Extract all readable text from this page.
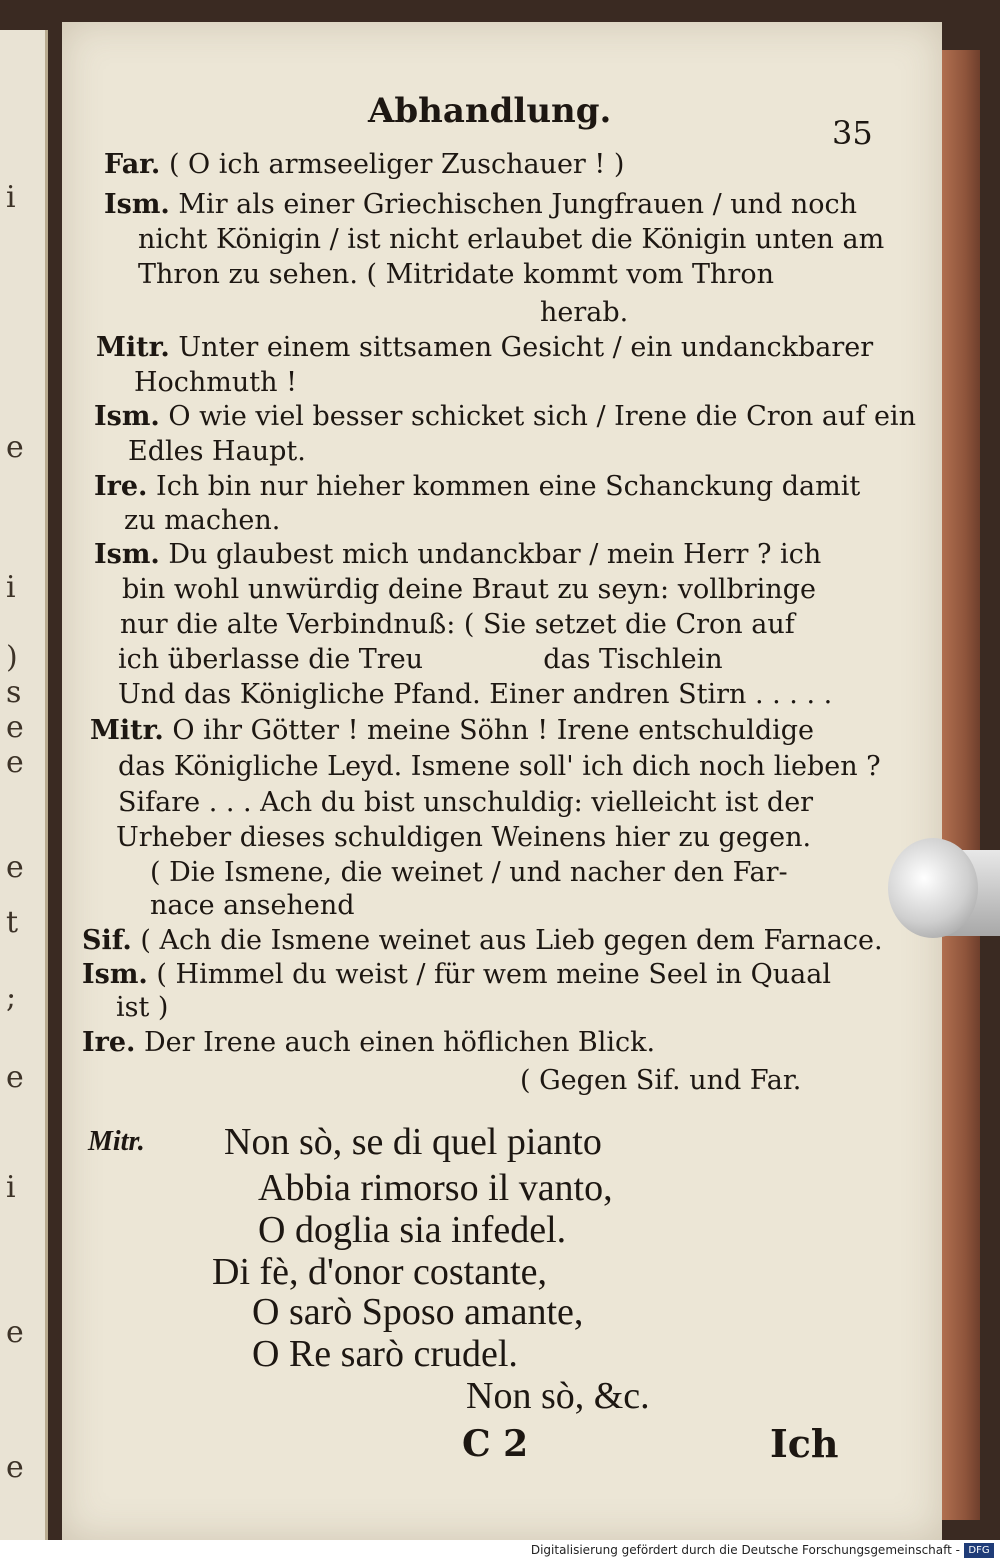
i
e
i
)
s
e
e
e
t
;
e
i
e
e
Abhandlung.
35
Far. ( O ich armseeliger Zuschauer ! )
Ism. Mir als einer Griechischen Jungfrauen / und noch
nicht Königin / ist nicht erlaubet die Königin unten am
Thron zu sehen. ( Mitridate kommt vom Thron
herab.
Mitr. Unter einem sittsamen Gesicht / ein undanckbarer
Hochmuth !
Ism. O wie viel besser schicket sich / Irene die Cron auf ein
Edles Haupt.
Ire. Ich bin nur hieher kommen eine Schanckung damit
zu machen.
Ism. Du glaubest mich undanckbar / mein Herr ? ich
bin wohl unwürdig deine Braut zu seyn: vollbringe
nur die alte Verbindnuß: ( Sie setzet die Cron auf
ich überlasse die Treu              das Tischlein
Und das Königliche Pfand. Einer andren Stirn . . . . .
Mitr. O ihr Götter ! meine Söhn ! Irene entschuldige
das Königliche Leyd. Ismene soll' ich dich noch lieben ?
Sifare . . . Ach du bist unschuldig: vielleicht ist der
Urheber dieses schuldigen Weinens hier zu gegen.
( Die Ismene, die weinet / und nacher den Far-
nace ansehend
Sif. ( Ach die Ismene weinet aus Lieb gegen dem Farnace.
Ism. ( Himmel du weist / für wem meine Seel in Quaal
ist )
Ire. Der Irene auch einen höflichen Blick.
( Gegen Sif. und Far.
Mitr. Non sò, se di quel pianto
Abbia rimorso il vanto,
O doglia sia infedel.
Di fè, d'onor costante,
O sarò Sposo amante,
O Re sarò crudel.
Non sò, &c.
C 2	Ich
Digitalisierung gefördert durch die Deutsche Forschungsgemeinschaft - DFG
